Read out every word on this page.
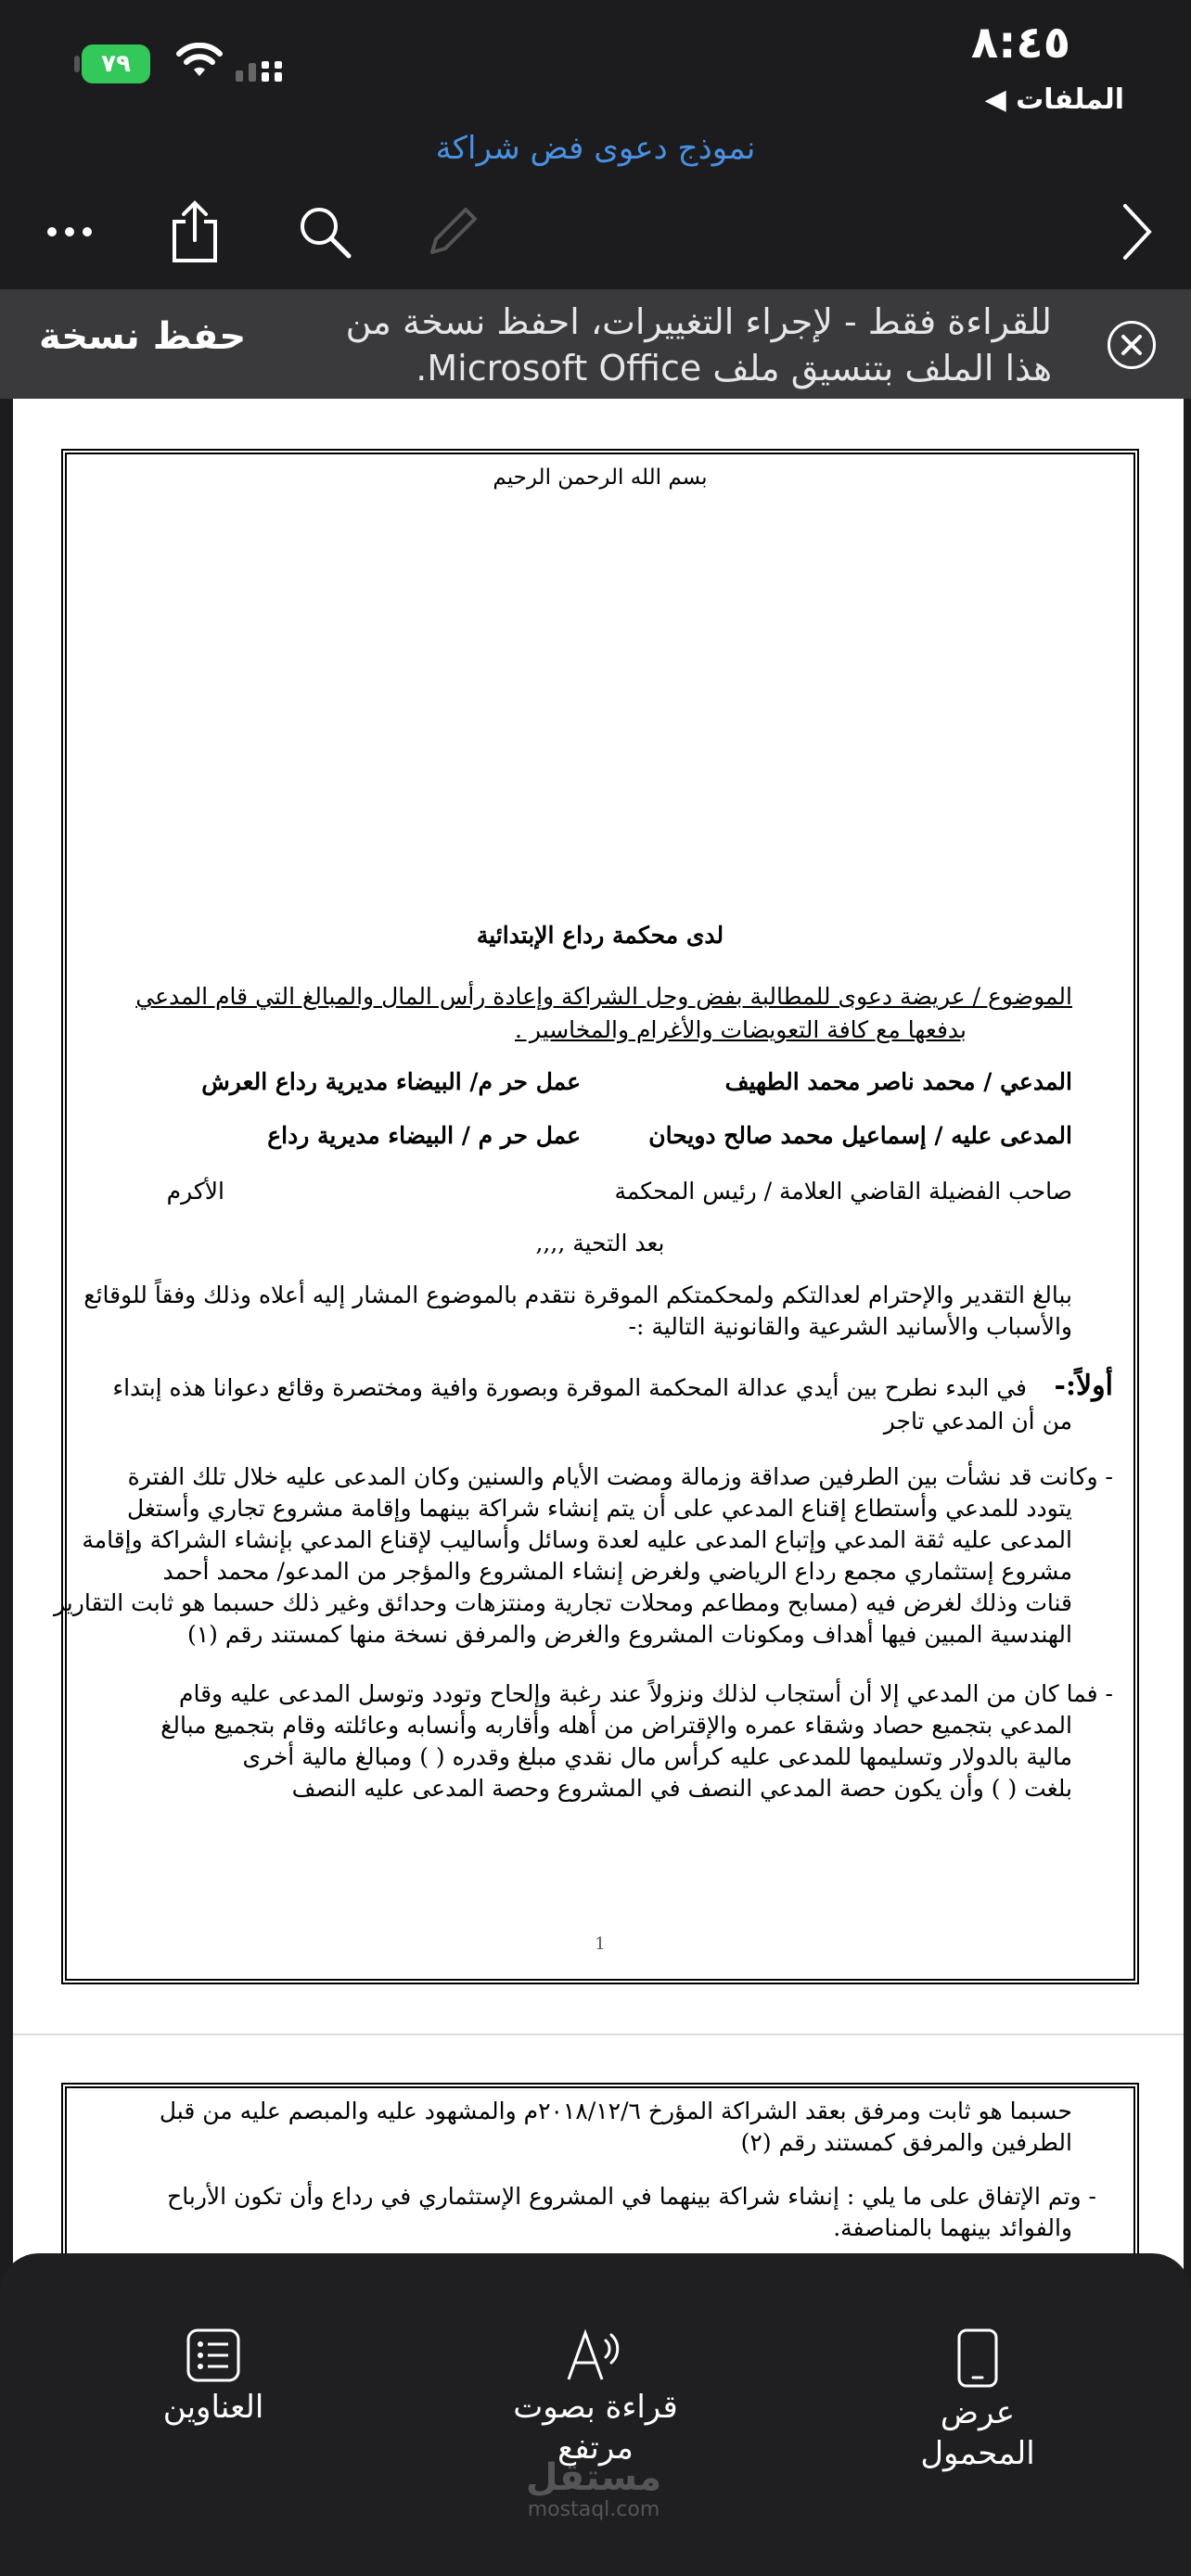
٧٩	٨:٤٥
◀ الملفات
نموذج دعوى فض شراكة
حفظ نسخة	للقراءة فقط - لإجراء التغييرات، احفظ نسخة من
هذا الملف بتنسيق ملف Microsoft Office.
بسم الله الرحمن الرحيم
لدى محكمة رداع الإبتدائية
الموضوع / عريضة دعوى للمطالبة بفض وحل الشراكة وإعادة رأس المال والمبالغ التي قام المدعي
بدفعها مع كافة التعويضات والأغرام والمخاسير .
المدعي / محمد ناصر محمد الطهيف
عمل حر م/ البيضاء مديرية رداع العرش
المدعى عليه / إسماعيل محمد صالح دويحان
عمل حر م / البيضاء مديرية رداع
صاحب الفضيلة القاضي العلامة / رئيس المحكمة
الأكرم
بعد التحية ,,,,
ببالغ التقدير والإحترام لعدالتكم ولمحكمتكم الموقرة نتقدم بالموضوع المشار إليه أعلاه وذلك وفقاً للوقائع
والأسباب والأسانيد الشرعية والقانونية التالية :-
أولاً:-
في البدء نطرح بين أيدي عدالة المحكمة الموقرة وبصورة وافية ومختصرة وقائع دعوانا هذه إبتداء
من أن المدعي تاجر
- وكانت قد نشأت بين الطرفين صداقة وزمالة ومضت الأيام والسنين وكان المدعى عليه خلال تلك الفترة
يتودد للمدعي وأستطاع إقناع المدعي على أن يتم إنشاء شراكة بينهما وإقامة مشروع تجاري وأستغل
المدعى عليه ثقة المدعي وإتباع المدعى عليه لعدة وسائل وأساليب لإقناع المدعي بإنشاء الشراكة وإقامة
مشروع إستثماري مجمع رداع الرياضي ولغرض إنشاء المشروع والمؤجر من المدعو/ محمد أحمد
قنات وذلك لغرض فيه (مسابح ومطاعم ومحلات تجارية ومنتزهات وحدائق وغير ذلك حسبما هو ثابت التقارير
الهندسية المبين فيها أهداف ومكونات المشروع والغرض والمرفق نسخة منها كمستند رقم (١)
- فما كان من المدعي إلا أن أستجاب لذلك ونزولاً عند رغبة وإلحاح وتودد وتوسل المدعى عليه وقام
المدعي بتجميع حصاد وشقاء عمره والإقتراض من أهله وأقاربه وأنسابه وعائلته وقام بتجميع مبالغ
مالية بالدولار وتسليمها للمدعى عليه كرأس مال نقدي مبلغ وقدره ( ) ومبالغ مالية أخرى
بلغت ( ) وأن يكون حصة المدعي النصف في المشروع وحصة المدعى عليه النصف
1
حسبما هو ثابت ومرفق بعقد الشراكة المؤرخ ٢٠١٨/١٢/٦م والمشهود عليه والمبصم عليه من قبل
الطرفين والمرفق كمستند رقم (٢)
- وتم الإتفاق على ما يلي : إنشاء شراكة بينهما في المشروع الإستثماري في رداع وأن تكون الأرباح
والفوائد بينهما بالمناصفة.
العناوين	قراءة بصوت
مرتفع
عرض
المحمول
مستقل
mostaql.com
